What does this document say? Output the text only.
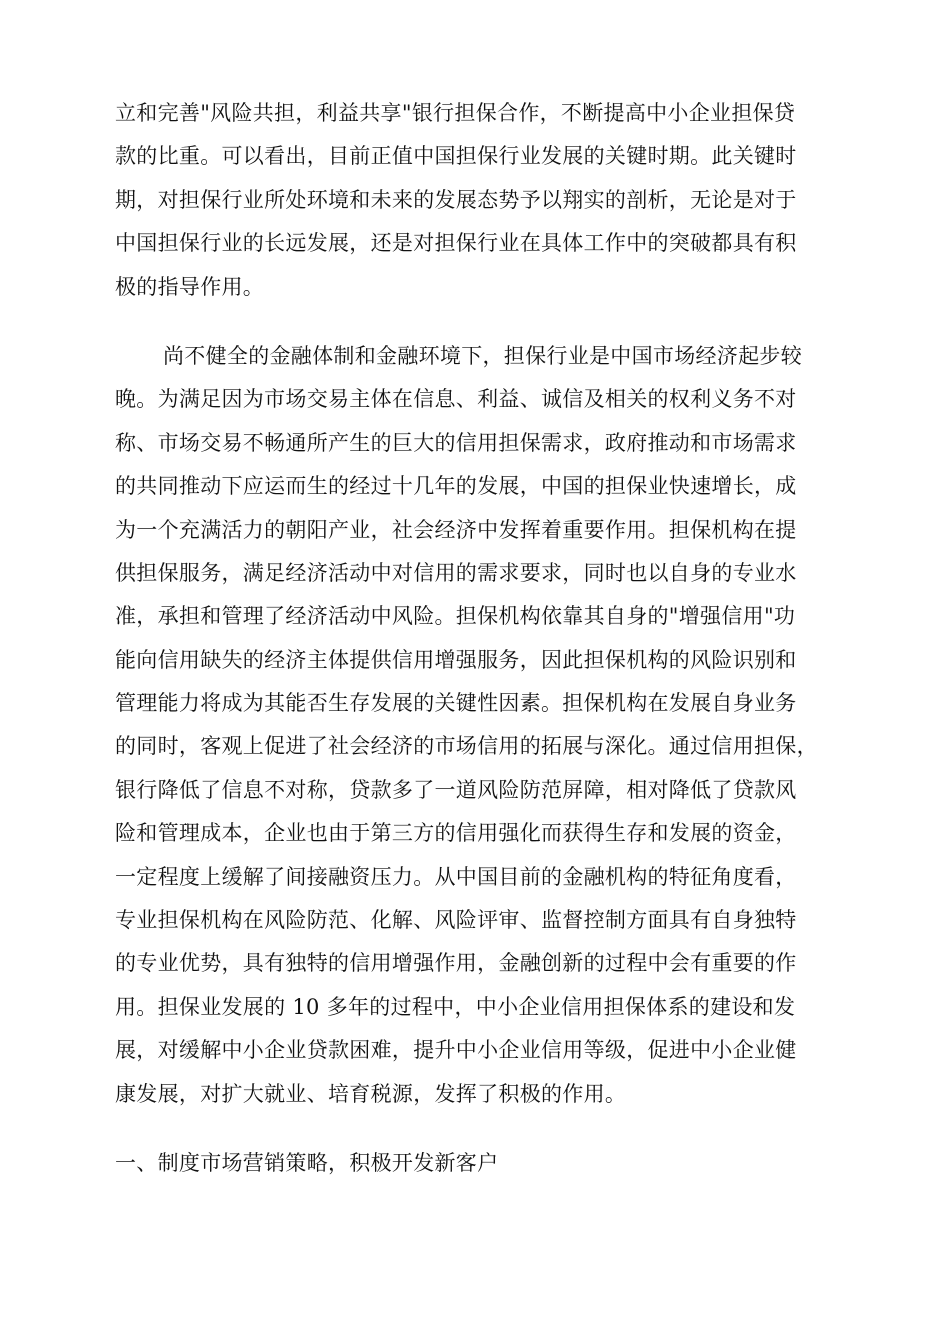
立和完善"风险共担，利益共享"银行担保合作，不断提高中小企业担保贷
款的比重。可以看出，目前正值中国担保行业发展的关键时期。此关键时
期，对担保行业所处环境和未来的发展态势予以翔实的剖析，无论是对于
中国担保行业的长远发展，还是对担保行业在具体工作中的突破都具有积
极的指导作用。
尚不健全的金融体制和金融环境下，担保行业是中国市场经济起步较
晚。为满足因为市场交易主体在信息、利益、诚信及相关的权利义务不对
称、市场交易不畅通所产生的巨大的信用担保需求，政府推动和市场需求
的共同推动下应运而生的经过十几年的发展，中国的担保业快速增长，成
为一个充满活力的朝阳产业，社会经济中发挥着重要作用。担保机构在提
供担保服务，满足经济活动中对信用的需求要求，同时也以自身的专业水
准，承担和管理了经济活动中风险。担保机构依靠其自身的"增强信用"功
能向信用缺失的经济主体提供信用增强服务，因此担保机构的风险识别和
管理能力将成为其能否生存发展的关键性因素。担保机构在发展自身业务
的同时，客观上促进了社会经济的市场信用的拓展与深化。通过信用担保，
银行降低了信息不对称，贷款多了一道风险防范屏障，相对降低了贷款风
险和管理成本，企业也由于第三方的信用强化而获得生存和发展的资金，
一定程度上缓解了间接融资压力。从中国目前的金融机构的特征角度看，
专业担保机构在风险防范、化解、风险评审、监督控制方面具有自身独特
的专业优势，具有独特的信用增强作用，金融创新的过程中会有重要的作
用。担保业发展的 10 多年的过程中，中小企业信用担保体系的建设和发
展，对缓解中小企业贷款困难，提升中小企业信用等级，促进中小企业健
康发展，对扩大就业、培育税源，发挥了积极的作用。
一、制度市场营销策略，积极开发新客户
